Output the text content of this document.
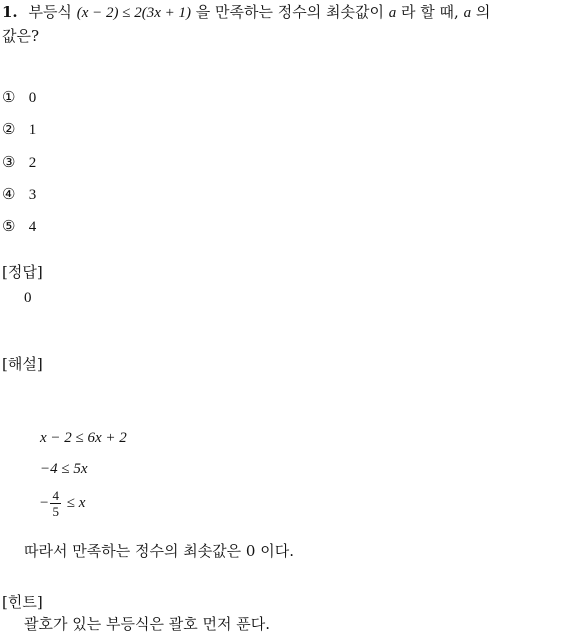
1. 부등식 (x − 2) ≤ 2(3x + 1) 을 만족하는 정수의 최솟값이 a 라 할 때, a 의
값은?
① 0
② 1
③ 2
④ 3
⑤ 4
[정답]
0
[해설]
x − 2 ≤ 6x + 2
−4 ≤ 5x
− $\frac{4}{5} \le x$
따라서 만족하는 정수의 최솟값은 0 이다.
[힌트]
괄호가 있는 부등식은 괄호 먼저 푼다.
